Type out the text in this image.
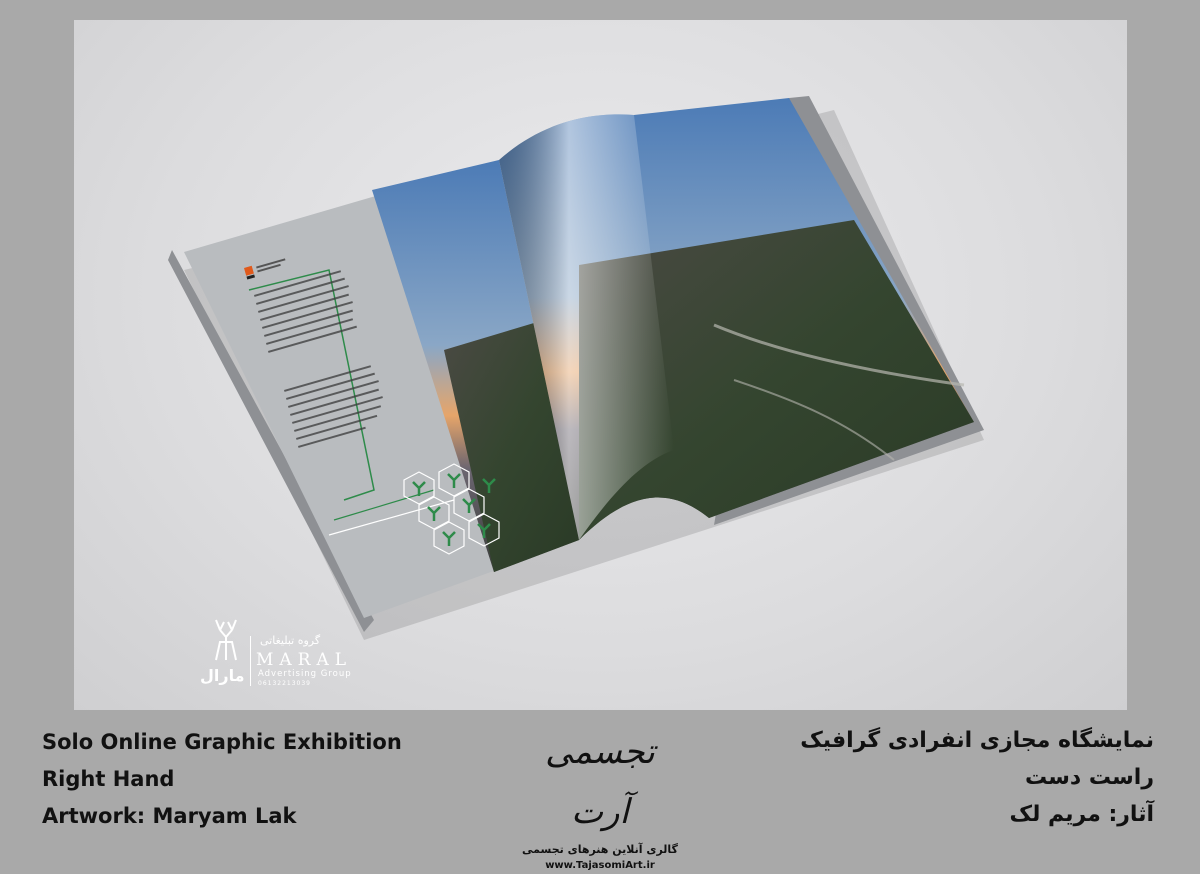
گروه تبلیغاتی
MARAL
Advertising Group
06132213039
مارال
Solo Online Graphic Exhibition
Right Hand
Artwork: Maryam Lak
تجسمی آرت
گالری آنلاین هنرهای تجسمی
www.TajasomiArt.ir
نمایشگاه مجازی انفرادی گرافیک
راست دست
آثار: مریم لک
